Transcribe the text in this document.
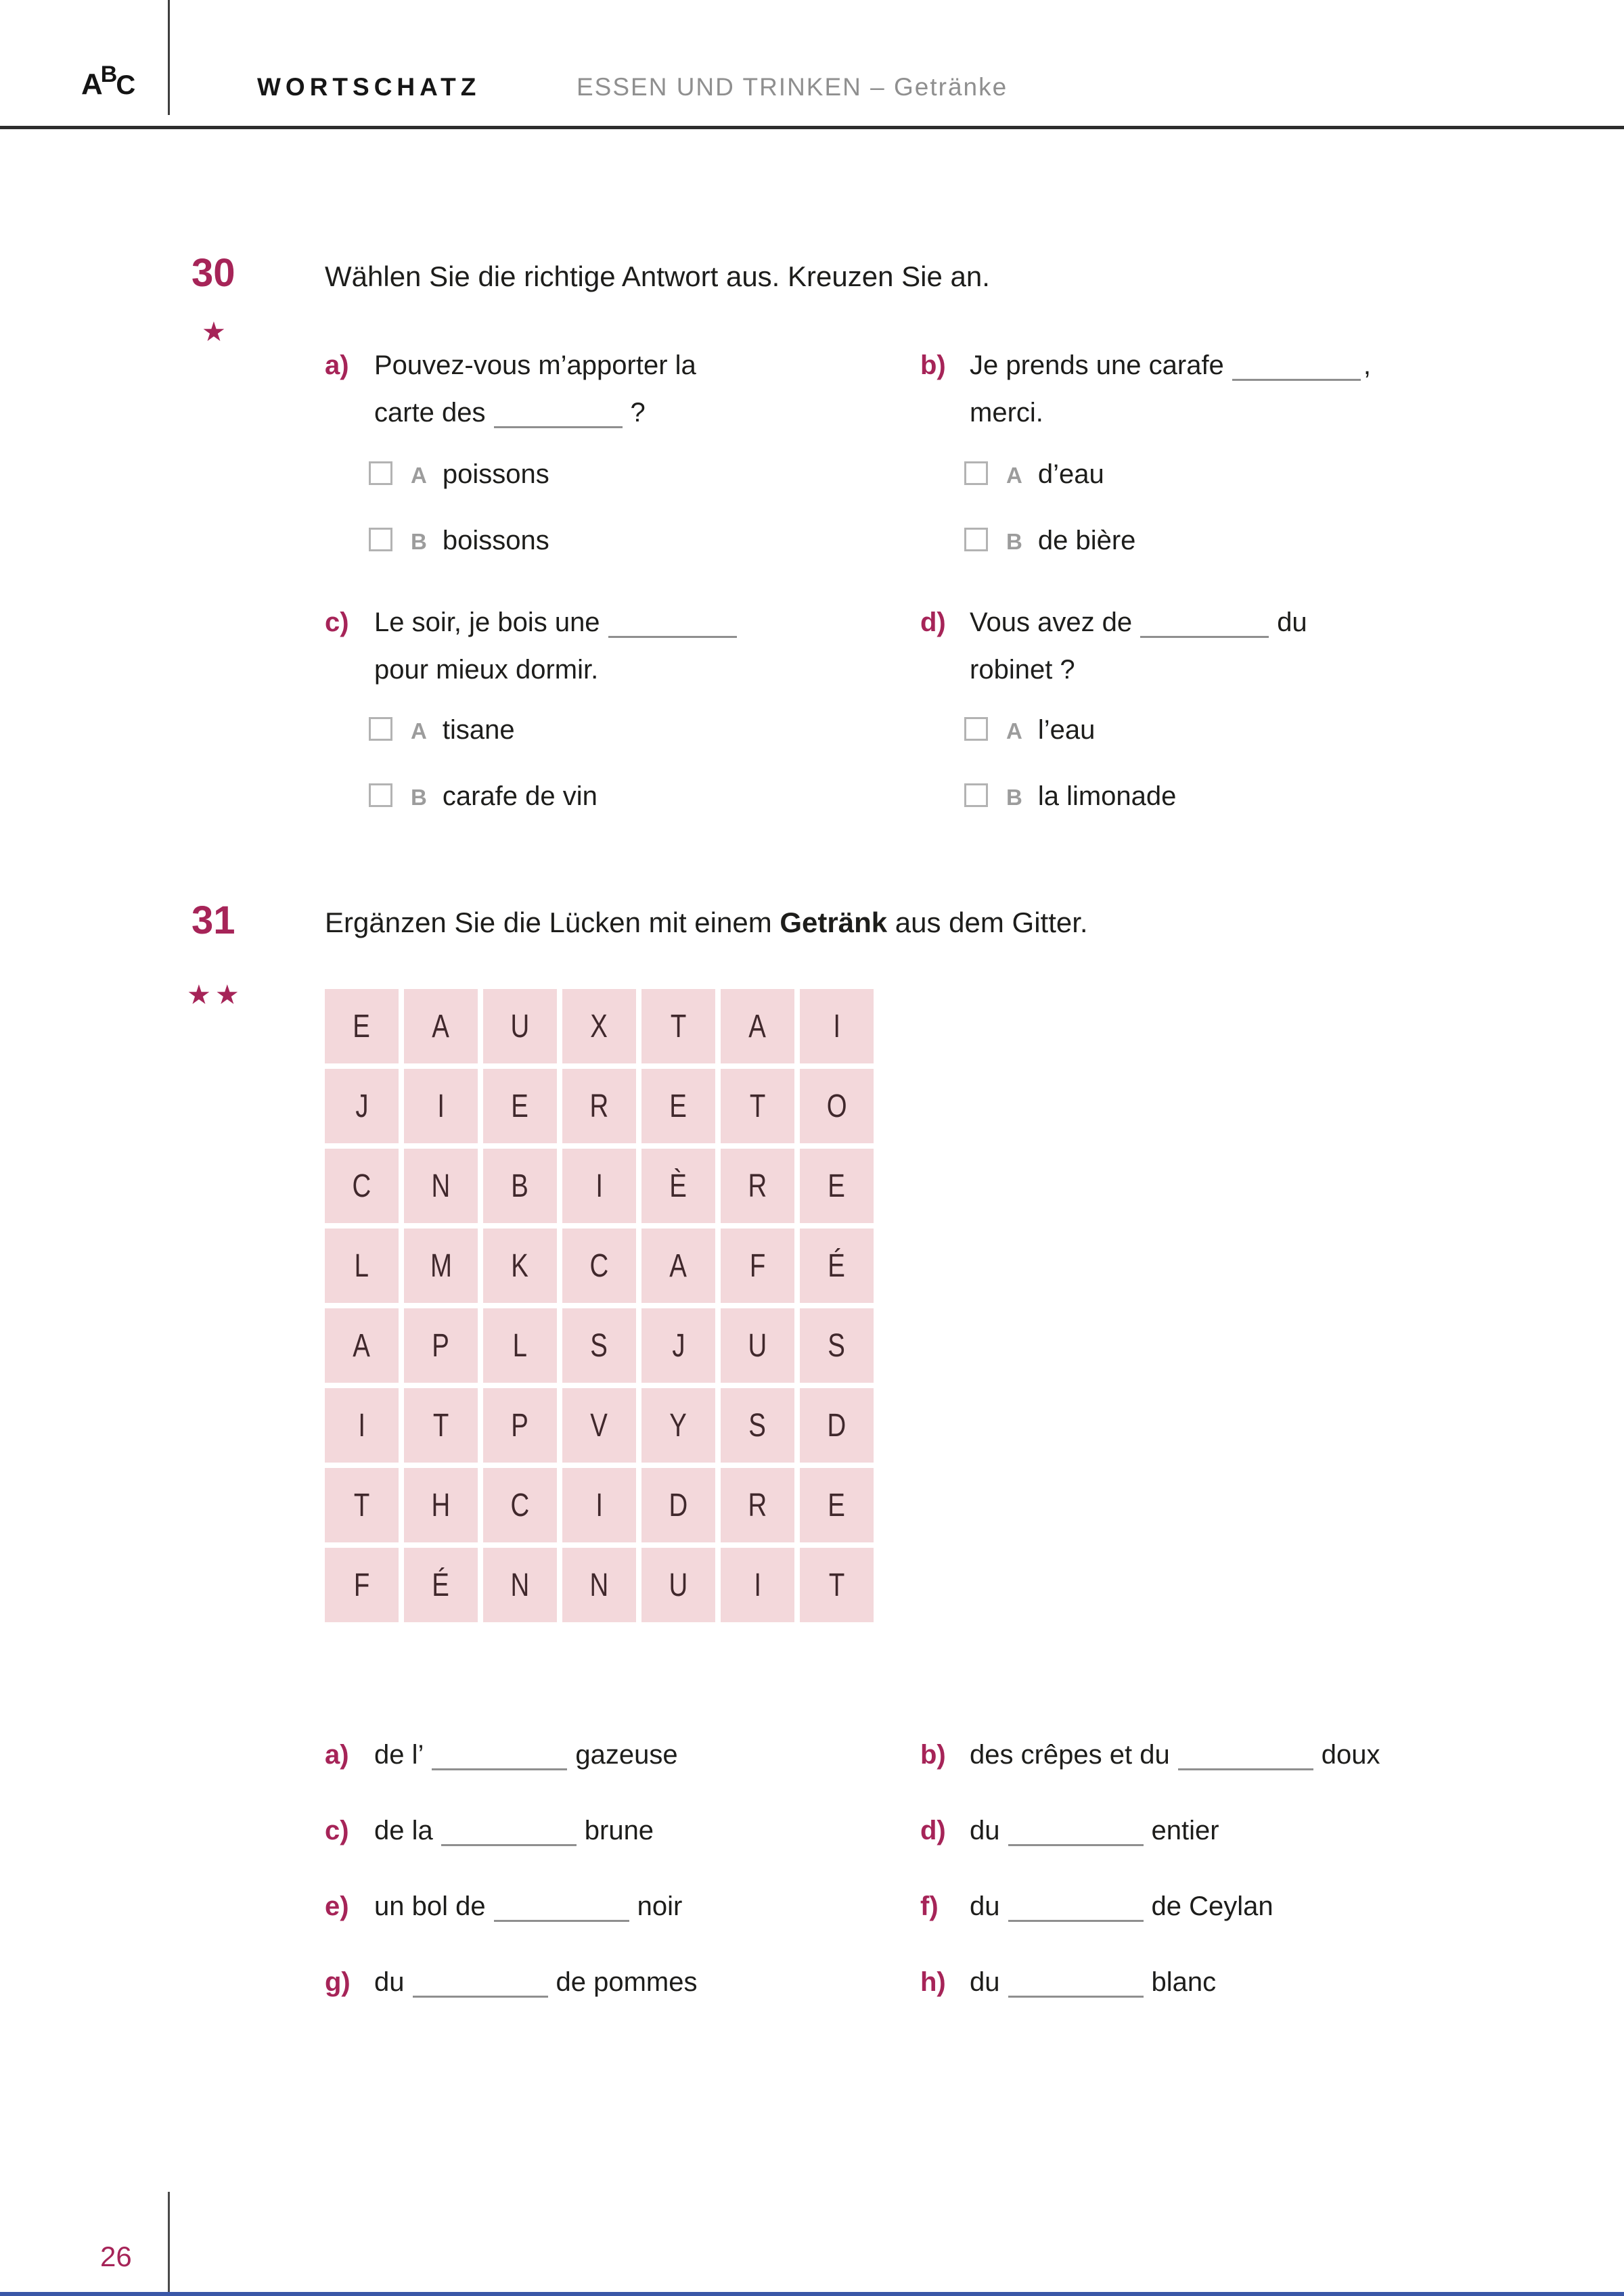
ABC	WORTSCHATZ	ESSEN UND TRINKEN – Getränke
30	Wählen Sie die richtige Antwort aus. Kreuzen Sie an.
★
a) Pouvez-vous m’apporter la
carte des	?
A poissons
B boissons
b) Je prends une carafe	,
merci.
A d’eau
B de bière
c) Le soir, je bois une
pour mieux dormir.
A tisane
B carafe de vin
d) Vous avez de	du
robinet ?
A l’eau
B la limonade
31	Ergänzen Sie die Lücken mit einem Getränk aus dem Gitter.
★★
E A U X T A I
J I E R E T O
C N B I È R E
L M K C A F É
A P L S J U S
I T P V Y S D
T H C I D R E
F É N N U I T
a) de l’	gazeuse	b) des crêpes et du	doux
c) de la	brune	d) du	entier
e) un bol de	noir	f) du	de Ceylan
g) du	de pommes	h) du	blanc
26
